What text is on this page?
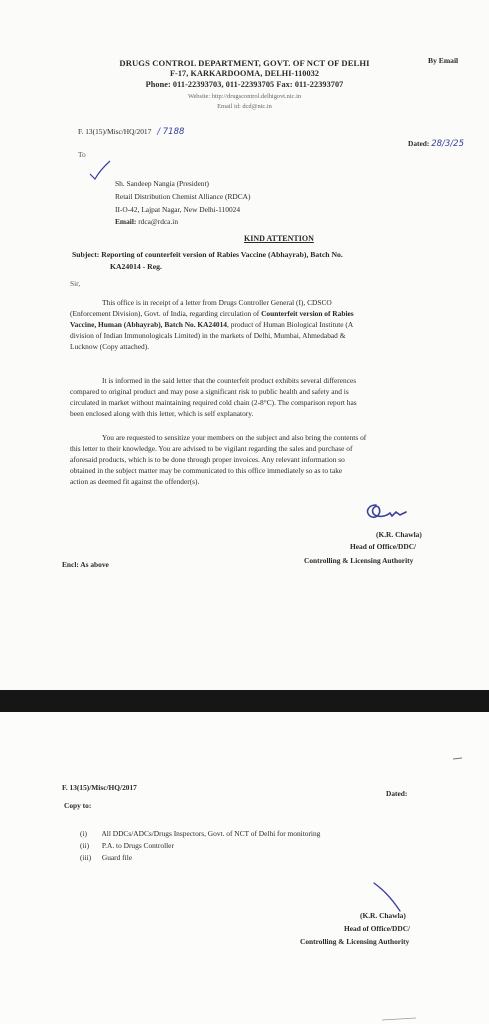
By Email
DRUGS CONTROL DEPARTMENT, GOVT. OF NCT OF DELHI
F-17, KARKARDOOMA, DELHI-110032
Phone: 011-22393703, 011-22393705 Fax: 011-22393707
Website: http://drugscontrol.delhigovt.nic.in
Email id: dcd@nic.in
F. 13(15)/Misc/HQ/2017 / 7188
Dated: 28/3/25
To
Sh. Sandeep Nangia (President)
Retail Distribution Chemist Alliance (RDCA)
II-O-42, Lajpat Nagar, New Delhi-110024
Email: rdca@rdca.in
KIND ATTENTION
Subject: Reporting of counterfeit version of Rabies Vaccine (Abhayrab), Batch No.
KA24014 - Reg.
Sir,
This office is in receipt of a letter from Drugs Controller General (I), CDSCO
(Enforcement Division), Govt. of India, regarding circulation of Counterfeit version of Rabies
Vaccine, Human (Abhayrab), Batch No. KA24014, product of Human Biological Institute (A
division of Indian Immunologicals Limited) in the markets of Delhi, Mumbai, Ahmedabad &
Lucknow (Copy attached).
It is informed in the said letter that the counterfeit product exhibits several differences
compared to original product and may pose a significant risk to public health and safety and is
circulated in market without maintaining required cold chain (2-8°C). The comparison report has
been enclosed along with this letter, which is self explanatory.
You are requested to sensitize your members on the subject and also bring the contents of
this letter to their knowledge. You are advised to be vigilant regarding the sales and purchase of
aforesaid products, which is to be done through proper invoices. Any relevant information so
obtained in the subject matter may be communicated to this office immediately so as to take
action as deemed fit against the offender(s).
(K.R. Chawla)
Head of Office/DDC/
Controlling & Licensing Authority
Encl: As above
F. 13(15)/Misc/HQ/2017
Dated:
Copy to:
(i) All DDCs/ADCs/Drugs Inspectors, Govt. of NCT of Delhi for monitoring
(ii) P.A. to Drugs Controller
(iii) Guard file
(K.R. Chawla)
Head of Office/DDC/
Controlling & Licensing Authority
